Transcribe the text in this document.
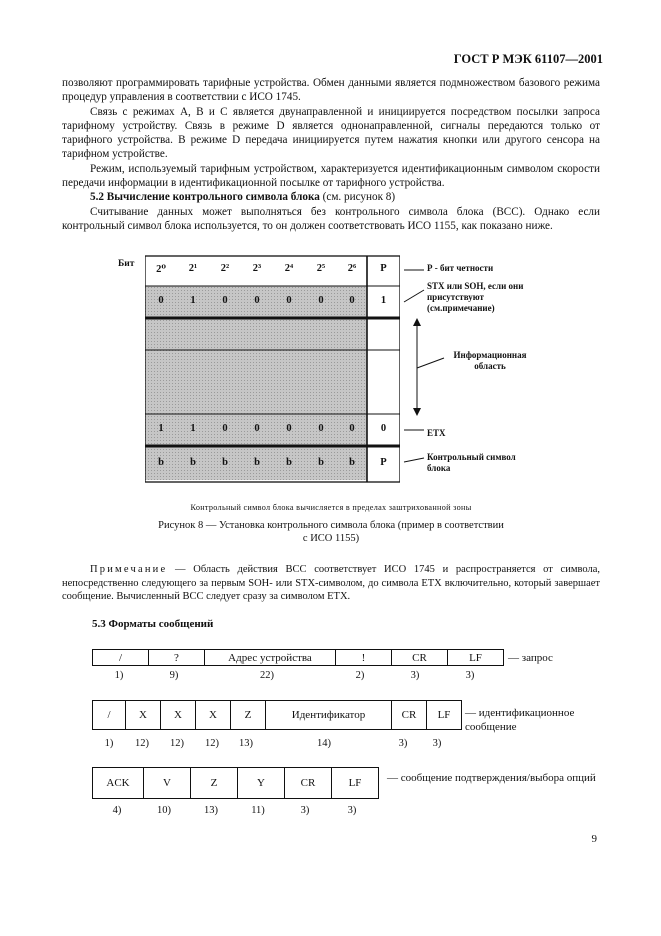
ГОСТ Р МЭК 61107—2001

позволяют программировать тарифные устройства. Обмен данными является подмножеством базового режима процедур управления в соответствии с ИСО 1745.

Связь с режимах А, В и С является двунаправленной и инициируется посредством посылки запроса тарифному устройству. Связь в режиме D является однонаправленной, сигналы передаются только от тарифного устройства. В режиме D передача инициируется путем нажатия кнопки или другого сенсора на тарифном устройстве.

Режим, используемый тарифным устройством, характеризуется идентификационным символом скорости передачи информации в идентификационной посылке от тарифного устройства.

5.2 Вычисление контрольного символа блока (см. рисунок 8)

Считывание данных может выполняться без контрольного символа блока (BCC). Однако если контрольный символ блока используется, то он должен соответствовать ИСО 1155, как показано ниже.

Бит	2⁰	2¹	2²	2³	2⁴	2⁵	2⁶	P
0	1	0	0	0	0	0	1
1	1	0	0	0	0	0	0
b	b	b	b	b	b	b	P
Р - бит четности
STX или SOH, если они присутствуют (см.примечание)
Информационная область
ETX
Контрольный символ блока
Контрольный символ блока вычисляется в пределах заштрихованной зоны
Рисунок 8 — Установка контрольного символа блока (пример в соответствии
с ИСО 1155)
Примечание — Область действия BCC соответствует ИСО 1745 и распространяется от символа, непосредственно следующего за первым SOH- или STX-символом, до символа ETX включительно, который завершает сообщение. Вычисленный BCC следует сразу за символом ETX.
5.3 Форматы сообщений
/	?	Адрес устройства	!	CR	LF
1)	9)	22)	2)	3)	3)
— запрос
/	X	X	X	Z	Идентификатор	CR	LF
1)	12)	12)	12)	13)	14)	3)	3)
— идентификационное сообщение
ACK	V	Z	Y	CR	LF
4)	10)	13)	11)	3)	3)
— сообщение подтверждения/выбора опций
9
